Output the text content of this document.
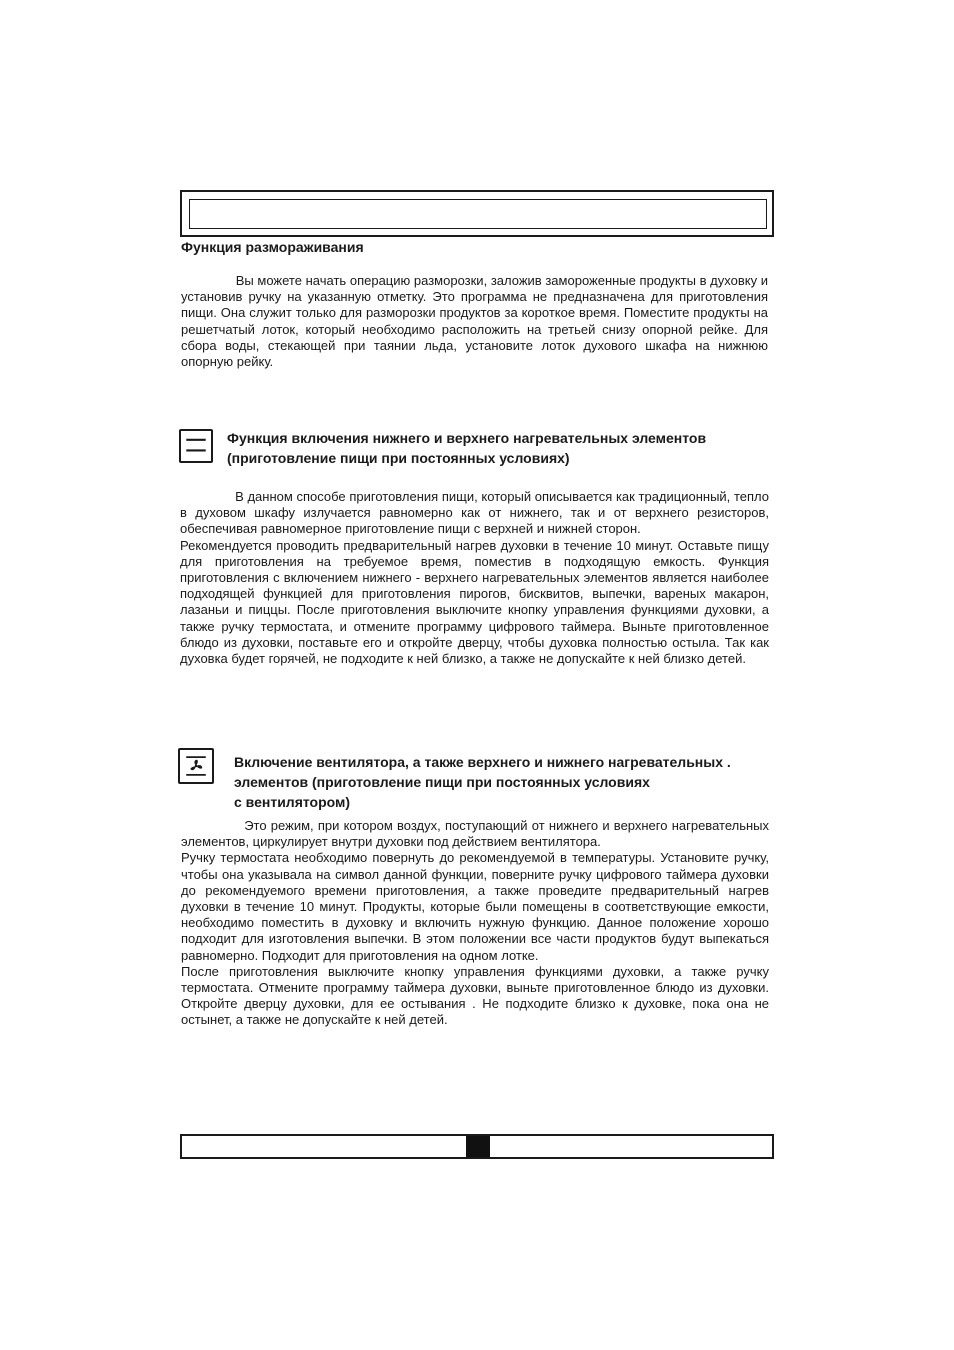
Функция размораживания

Вы можете начать операцию разморозки, заложив замороженные продукты в духовку и установив ручку на указанную отметку. Это программа не предназначена для приготовления пищи. Она служит только для разморозки продуктов за короткое время. Поместите продукты на решетчатый лоток, который необходимо расположить на третьей снизу опорной рейке. Для сбора воды, стекающей при таянии льда, установите лоток духового шкафа на нижнюю опорную рейку.

Функция включения нижнего и верхнего нагревательных элементов
(приготовление пищи при постоянных условиях)

В данном способе приготовления пищи, который описывается как традиционный, тепло в духовом шкафу излучается равномерно как от нижнего, так и от верхнего резисторов, обеспечивая равномерное приготовление пищи с верхней и нижней сторон.
Рекомендуется проводить предварительный нагрев духовки в течение 10 минут. Оставьте пищу для приготовления на требуемое время, поместив в подходящую емкость. Функция приготовления с включением нижнего - верхнего нагревательных элементов является наиболее подходящей функцией для приготовления пирогов, бисквитов, выпечки, вареных макарон, лазаньи и пиццы. После приготовления выключите кнопку управления функциями духовки, а также ручку термостата, и отмените программу цифрового таймера. Выньте приготовленное блюдо из духовки, поставьте его и откройте дверцу, чтобы духовка полностью остыла. Так как духовка будет горячей, не подходите к ней близко, а также не допускайте к ней близко детей.

Включение вентилятора, а также верхнего и нижнего нагревательных .
элементов (приготовление пищи при постоянных условиях
с вентилятором)

Это режим, при котором воздух, поступающий от нижнего и верхнего нагревательных элементов, циркулирует внутри духовки под действием вентилятора.
Ручку термостата необходимо повернуть до рекомендуемой в температуры. Установите ручку, чтобы она указывала на символ данной функции, поверните ручку цифрового таймера духовки до рекомендуемого времени приготовления, а также проведите предварительный нагрев духовки в течение 10 минут. Продукты, которые были помещены в соответствующие емкости, необходимо поместить в духовку и включить нужную функцию. Данное положение хорошо подходит для изготовления выпечки. В этом положении все части продуктов будут выпекаться равномерно. Подходит для приготовления на одном лотке.
После приготовления выключите кнопку управления функциями духовки, а также ручку термостата. Отмените программу таймера духовки, выньте приготовленное блюдо из духовки. Откройте дверцу духовки, для ее остывания . Не подходите близко к духовке, пока она не остынет, а также не допускайте к ней детей.
